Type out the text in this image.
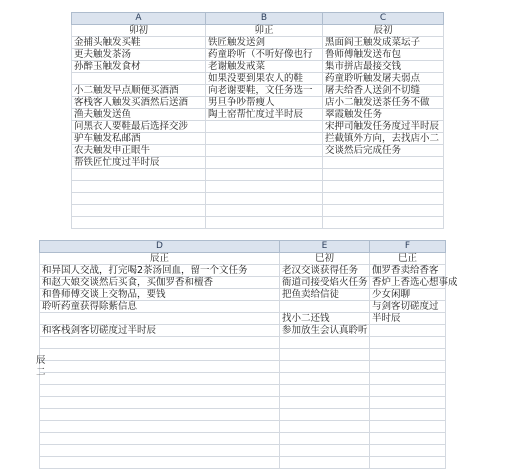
A	B	C
卯初	卯正	辰初
金捕头触发买鞋	铁匠触发送剑	黑面阎王触发成菜坛子
更夫触发茶汤	药童聆听（不听好像也行	鲁师傅触发送布包
孙醉玉触发食材	老谢触发戒菜	集市拼店最接交钱
	如果没要到果农人的鞋	药童聆听触发屠夫弱点
小二触发早点顺便买酒酒	向老谢要鞋，文任务选一	屠夫给香人送剑不切缝
客栈客人触发买酒然后送酒	男旦争吵帮瘦人	店小二触发送茶任务不做
渔夫触发送鱼	陶土窑帮忙度过半时辰	翠霞触发任务
问黑衣人要鞋最后选择交涉		宋押司触发任务度过半时辰
驴车触发私邮酒		拦截镇外方向，去找店小二
农夫触发申正眼牛		交谈然后完成任务
帮铁匠忙度过半时辰		

D	E	F
辰正	巳初	巳正
和异国人交战，打完喝2茶汤回血，留一个文任务	老汉交谈获得任务	伽罗香卖给香客
和赵大娘交谈然后买食，买伽罗香和檀香	衙道司接受焰火任务	香炉上香选心想事成
和鲁师傅交谈上交物品，要钱	把鱼卖给信徒	少女闲聊
聆听药童获得除紫信息		与剑客切磋度过
	找小二还钱	半时辰
和客栈剑客切磋度过半时辰	参加放生会认真聆听	

辰
二
